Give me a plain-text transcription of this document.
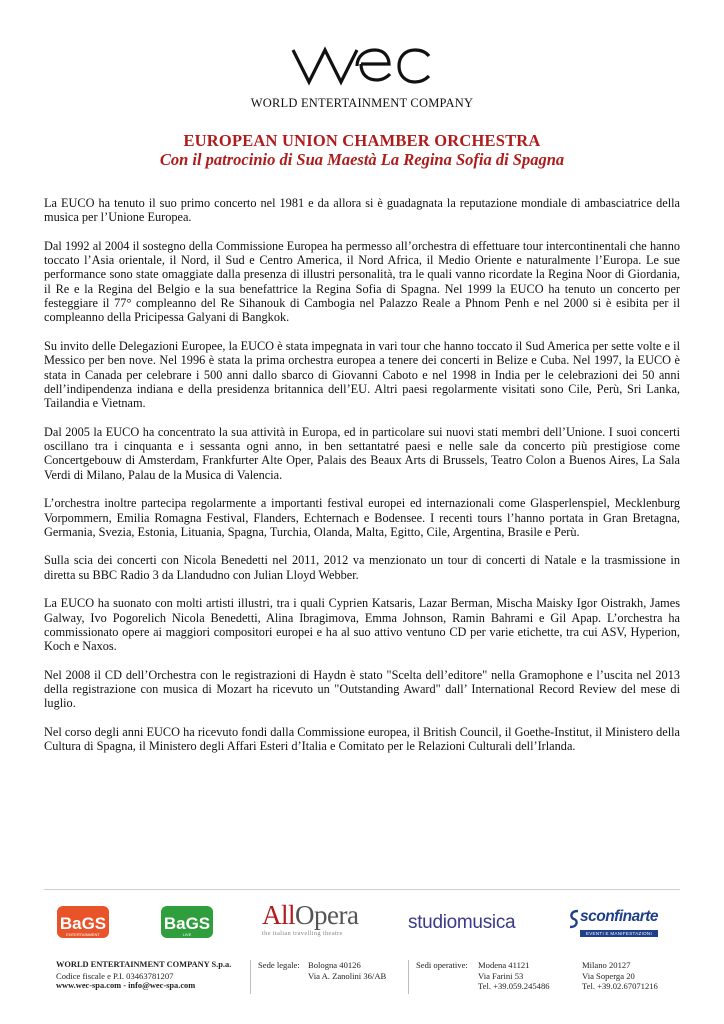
WORLD ENTERTAINMENT COMPANY
EUROPEAN UNION CHAMBER ORCHESTRA
Con il patrocinio di Sua Maestà La Regina Sofia di Spagna

La EUCO ha tenuto il suo primo concerto nel 1981 e da allora si è guadagnata la reputazione mondiale di ambasciatrice della musica per l’Unione Europea.

Dal 1992 al 2004 il sostegno della Commissione Europea ha permesso all’orchestra di effettuare tour intercontinentali che hanno toccato l’Asia orientale, il Nord, il Sud e Centro America, il Nord Africa, il Medio Oriente e naturalmente l’Europa. Le sue performance sono state omaggiate dalla presenza di illustri personalità, tra le quali vanno ricordate la Regina Noor di Giordania, il Re e la Regina del Belgio e la sua benefattrice la Regina Sofia di Spagna. Nel 1999 la EUCO ha tenuto un concerto per festeggiare il 77° compleanno del Re Sihanouk di Cambogia nel Palazzo Reale a Phnom Penh e nel 2000 si è esibita per il compleanno della Pricipessa Galyani di Bangkok.

Su invito delle Delegazioni Europee, la EUCO è stata impegnata in vari tour che hanno toccato il Sud America per sette volte e il Messico per ben nove. Nel 1996 è stata la prima orchestra europea a tenere dei concerti in Belize e Cuba. Nel 1997, la EUCO è stata in Canada per celebrare i 500 anni dallo sbarco di Giovanni Caboto e nel 1998 in India per le celebrazioni dei 50 anni dell’indipendenza indiana e della presidenza britannica dell’EU. Altri paesi regolarmente visitati sono Cile, Perù, Sri Lanka, Tailandia e Vietnam.

Dal 2005 la EUCO ha concentrato la sua attività in Europa, ed in particolare sui nuovi stati membri dell’Unione. I suoi concerti oscillano tra i cinquanta e i sessanta ogni anno, in ben settantatré paesi e nelle sale da concerto più prestigiose come Concertgebouw di Amsterdam, Frankfurter Alte Oper, Palais des Beaux Arts di Brussels, Teatro Colon a Buenos Aires, La Sala Verdi di Milano, Palau de la Musica di Valencia.

L’orchestra inoltre partecipa regolarmente a importanti festival europei ed internazionali come Glasperlenspiel, Mecklenburg Vorpommern, Emilia Romagna Festival, Flanders, Echternach e Bodensee. I recenti tours l’hanno portata in Gran Bretagna, Germania, Svezia, Estonia, Lituania, Spagna, Turchia, Olanda, Malta, Egitto, Cile, Argentina, Brasile e Perù.

Sulla scia dei concerti con Nicola Benedetti nel 2011, 2012 va menzionato un tour di concerti di Natale e la trasmissione in diretta su BBC Radio 3 da Llandudno con Julian Lloyd Webber.

La EUCO ha suonato con molti artisti illustri, tra i quali Cyprien Katsaris, Lazar Berman, Mischa Maisky Igor Oistrakh, James Galway, Ivo Pogorelich Nicola Benedetti, Alina Ibragimova, Emma Johnson, Ramin Bahrami e Gil Apap. L’orchestra ha commissionato opere ai maggiori compositori europei e ha al suo attivo ventuno CD per varie etichette, tra cui ASV, Hyperion, Koch e Naxos.

Nel 2008 il CD dell’Orchestra con le registrazioni di Haydn è stato "Scelta dell’editore" nella Gramophone e l’uscita nel 2013 della registrazione con musica di Mozart ha ricevuto un "Outstanding Award" dall’ International Record Review del mese di luglio.

Nel corso degli anni EUCO ha ricevuto fondi dalla Commissione europea, il British Council, il Goethe-Institut, il Ministero della Cultura di Spagna, il Ministero degli Affari Esteri d’Italia e Comitato per le Relazioni Culturali dell’Irlanda.

BaGS
ENTERTAINMENT
BaGS
LIVE
AllOpera
the italian travelling theatre
studiomusica	sconfinarte
EVENTI E MANIFESTAZIONI
WORLD ENTERTAINMENT COMPANY S.p.a.
Codice fiscale e P.I. 03463781207
www.wec-spa.com - info@wec-spa.com
Sede legale: Bologna 40126
Via A. Zanolini 36/AB
Sedi operative:	Modena 41121
Via Farini 53
Tel. +39.059.245486
Milano 20127
Via Soperga 20
Tel. +39.02.67071216
